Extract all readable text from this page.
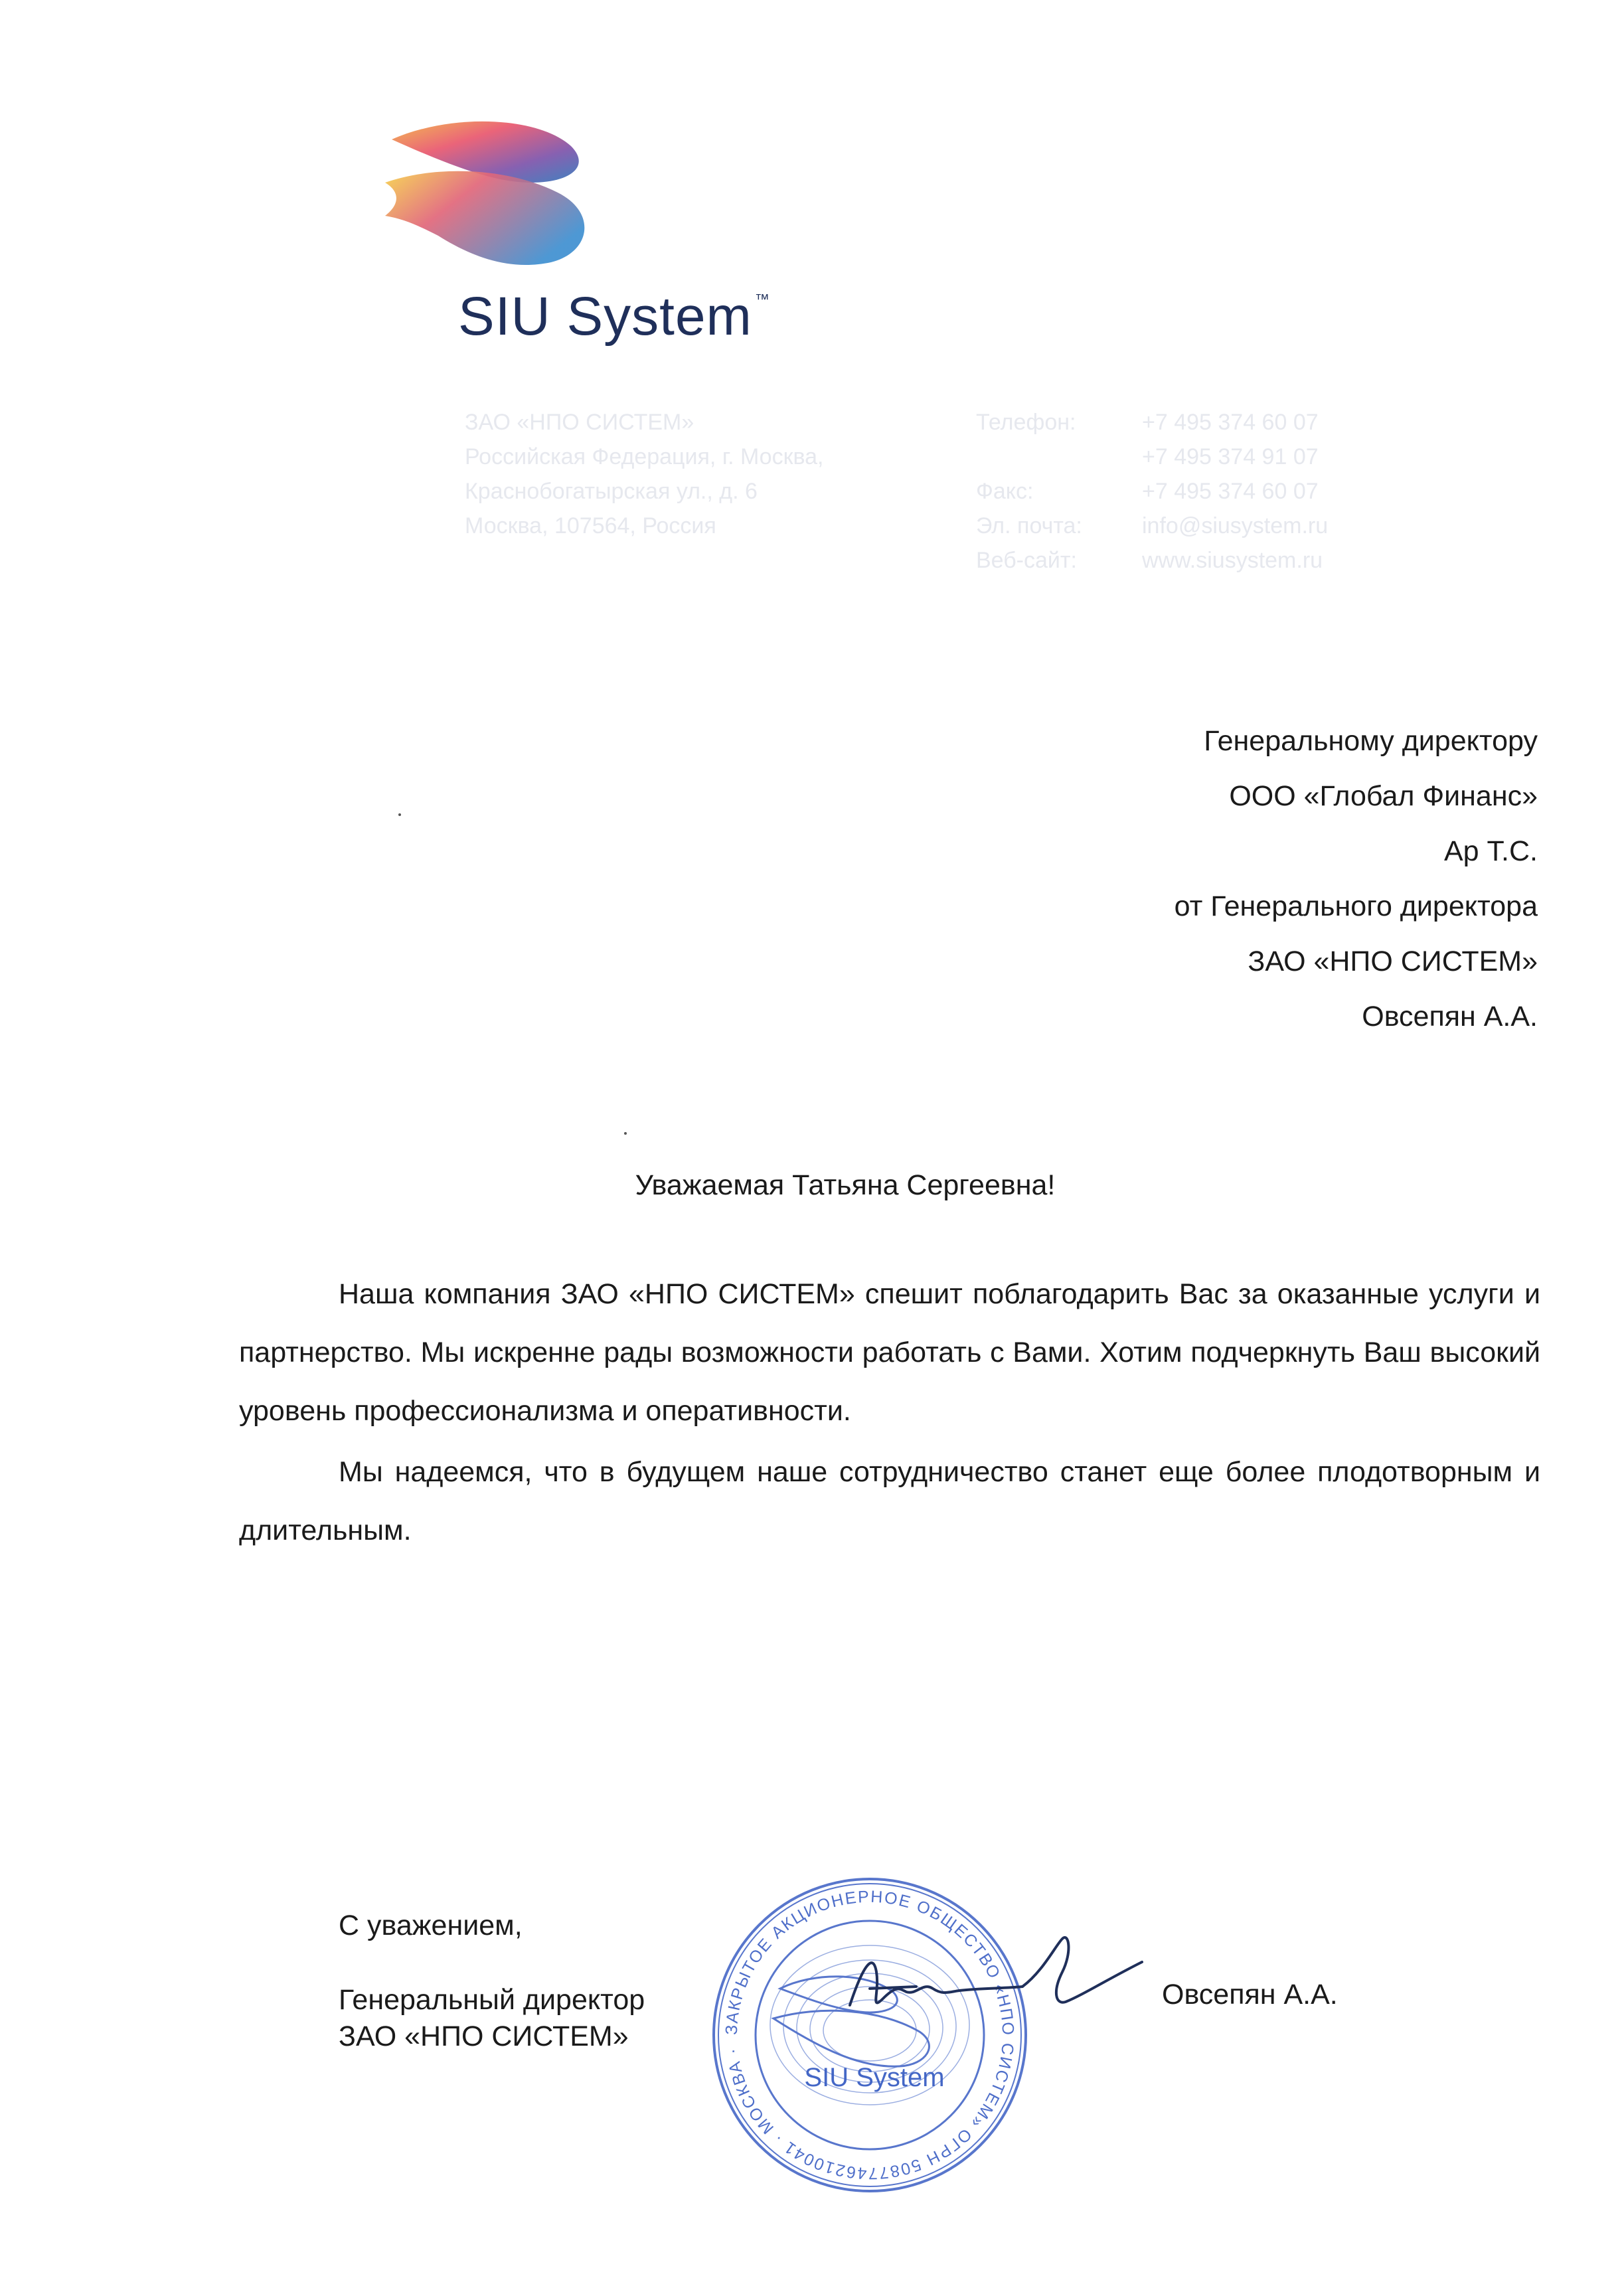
SIU System ™
ЗАО «НПО СИСТЕМ»
Российская Федерация, г. Москва,
Краснобогатырская ул., д. 6
Москва, 107564, Россия
Телефон:	+7 495 374 60 07
+7 495 374 91 07
Факс:	+7 495 374 60 07
Эл. почта:	info@siusystem.ru
Веб-сайт:	www.siusystem.ru
Генеральному директору
ООО «Глобал Финанс»
Ар Т.С.
от Генерального директора
ЗАО «НПО СИСТЕМ»
Овсепян А.А.
Уважаемая Татьяна Сергеевна!

Наша компания ЗАО «НПО СИСТЕМ» спешит поблагодарить Вас за оказанные услуги и партнерство. Мы искренне рады возможности работать с Вами. Хотим подчеркнуть Ваш высокий уровень профессионализма и оперативности.

Мы надеемся, что в будущем наше сотрудничество станет еще более плодотворным и длительным.

С уважением,
Генеральный директор
ЗАО «НПО СИСТЕМ»
Овсепян А.А.
ЗАКРЫТОЕ АКЦИОНЕРНОЕ ОБЩЕСТВО «НПО СИСТЕМ» ОГРН 5087746210041 · МОСКВА ·
SIU System
